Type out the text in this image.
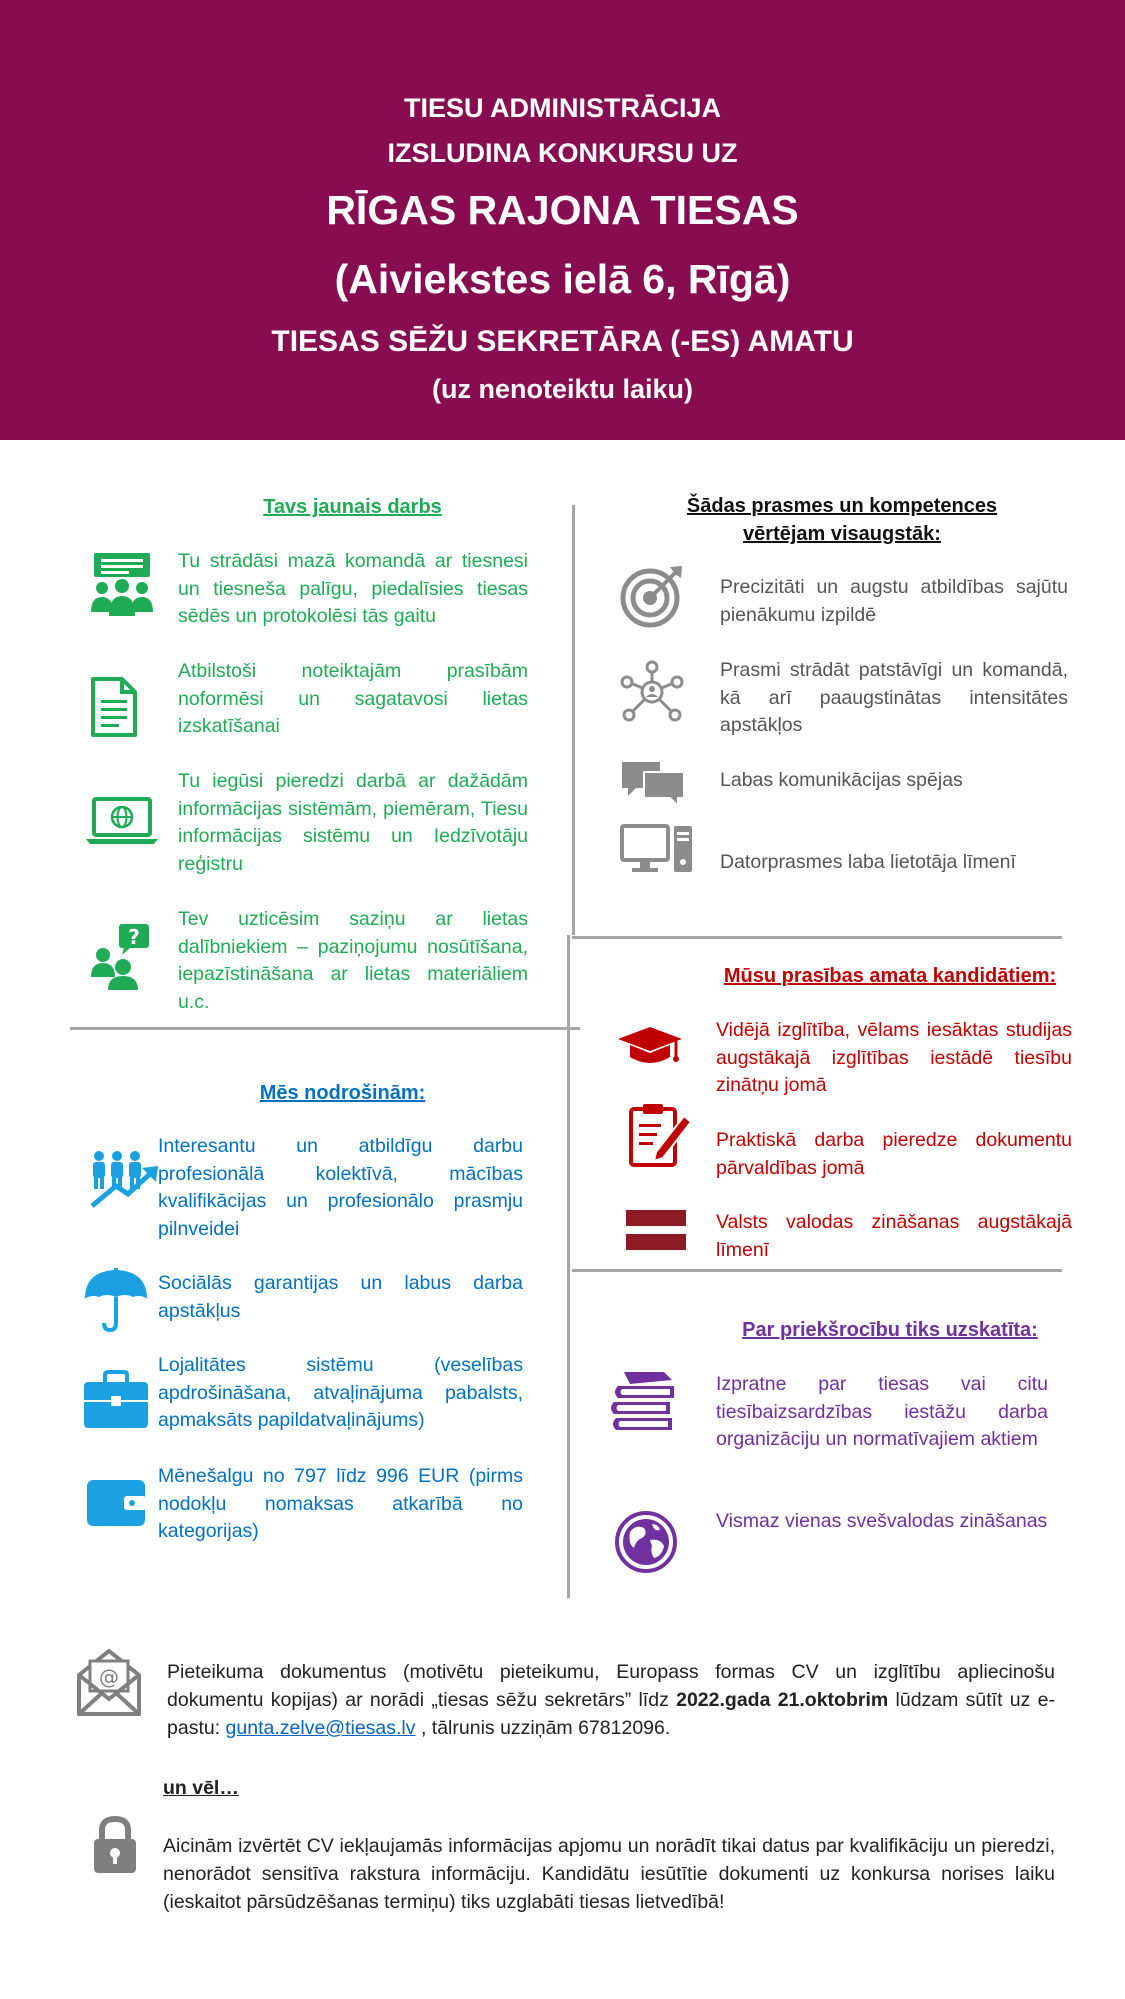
TIESU ADMINISTRĀCIJA
IZSLUDINA KONKURSU UZ
RĪGAS RAJONA TIESAS
(Aiviekstes ielā 6, Rīgā)
TIESAS SĒŽU SEKRETĀRA (-ES) AMATU
(uz nenoteiktu laiku)
Tavs jaunais darbs
Tu strādāsi mazā komandā ar tiesnesi un tiesneša palīgu, piedalīsies tiesas sēdēs un protokolēsi tās gaitu
Atbilstoši noteiktajām prasībām noformēsi un sagatavosi lietas izskatīšanai
Tu iegūsi pieredzi darbā ar dažādām informācijas sistēmām, piemēram, Tiesu informācijas sistēmu un Iedzīvotāju reģistru
?
Tev uzticēsim saziņu ar lietas dalībniekiem – paziņojumu nosūtīšana, iepazīstināšana ar lietas materiāliem u.c.
Šādas prasmes un kompetences
vērtējam visaugstāk:
Precizitāti un augstu atbildības sajūtu pienākumu izpildē
Prasmi strādāt patstāvīgi un komandā, kā arī paaugstinātas intensitātes apstākļos
Labas komunikācijas spējas
Datorprasmes laba lietotāja līmenī
Mēs nodrošinām:
Interesantu un atbildīgu darbu profesionālā kolektīvā, mācības kvalifikācijas un profesionālo prasmju pilnveidei
Sociālās garantijas un labus darba apstākļus
Lojalitātes sistēmu (veselības apdrošināšana, atvaļinājuma pabalsts, apmaksāts papildatvaļinājums)
Mēnešalgu no 797 līdz 996 EUR (pirms nodokļu nomaksas atkarībā no kategorijas)
Mūsu prasības amata kandidātiem:
Vidējā izglītība, vēlams iesāktas studijas augstākajā izglītības iestādē tiesību zinātņu jomā
Praktiskā darba pieredze dokumentu pārvaldības jomā
Valsts valodas zināšanas augstākajā līmenī
Par priekšrocību tiks uzskatīta:
Izpratne par tiesas vai citu tiesībaizsardzības iestāžu darba organizāciju un normatīvajiem aktiem
Vismaz vienas svešvalodas zināšanas
@ Pieteikuma dokumentus (motivētu pieteikumu, Europass formas CV un izglītību apliecinošu dokumentu kopijas) ar norādi „tiesas sēžu sekretārs” līdz 2022.gada 21.oktobrim lūdzam sūtīt uz e-pastu: gunta.zelve@tiesas.lv , tālrunis uzziņām 67812096.
un vēl…
Aicinām izvērtēt CV iekļaujamās informācijas apjomu un norādīt tikai datus par kvalifikāciju un pieredzi, nenorādot sensitīva rakstura informāciju. Kandidātu iesūtītie dokumenti uz konkursa norises laiku (ieskaitot pārsūdzēšanas termiņu) tiks uzglabāti tiesas lietvedībā!
